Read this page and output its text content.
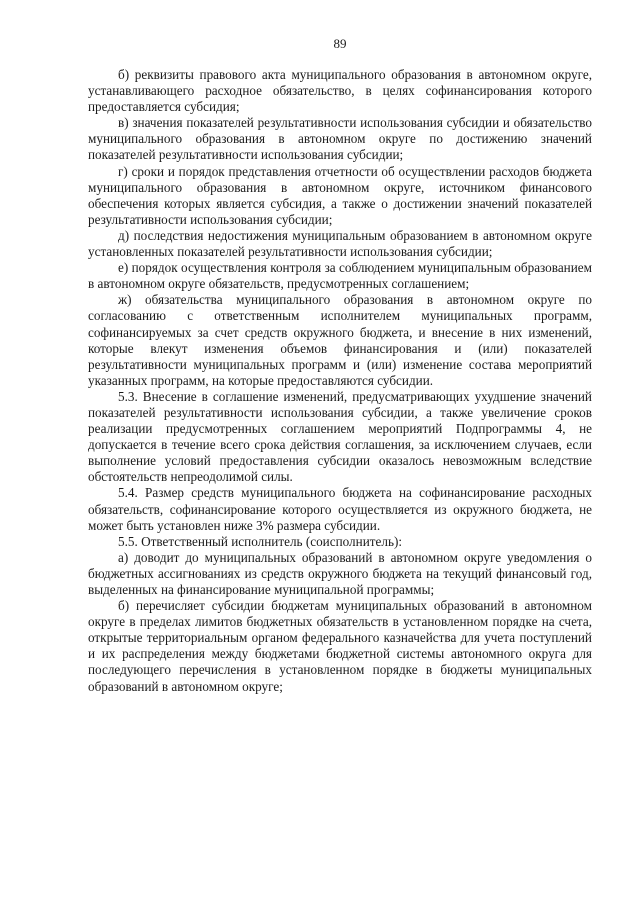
89

б) реквизиты правового акта муниципального образования в автономном округе, устанавливающего расходное обязательство, в целях софинансирования которого предоставляется субсидия;

в) значения показателей результативности использования субсидии и обязательство муниципального образования в автономном округе по достижению значений показателей результативности использования субсидии;

г) сроки и порядок представления отчетности об осуществлении расходов бюджета муниципального образования в автономном округе, источником финансового обеспечения которых является субсидия, а также о достижении значений показателей результативности использования субсидии;

д) последствия недостижения муниципальным образованием в автономном округе установленных показателей результативности использования субсидии;

е) порядок осуществления контроля за соблюдением муниципальным образованием в автономном округе обязательств, предусмотренных соглашением;

ж) обязательства муниципального образования в автономном округе по согласованию с ответственным исполнителем муниципальных программ, софинансируемых за счет средств окружного бюджета, и внесение в них изменений, которые влекут изменения объемов финансирования и (или) показателей результативности муниципальных программ и (или) изменение состава мероприятий указанных программ, на которые предоставляются субсидии.

5.3. Внесение в соглашение изменений, предусматривающих ухудшение значений показателей результативности использования субсидии, а также увеличение сроков реализации предусмотренных соглашением мероприятий Подпрограммы 4, не допускается в течение всего срока действия соглашения, за исключением случаев, если выполнение условий предоставления субсидии оказалось невозможным вследствие обстоятельств непреодолимой силы.

5.4. Размер средств муниципального бюджета на софинансирование расходных обязательств, софинансирование которого осуществляется из окружного бюджета, не может быть установлен ниже 3% размера субсидии.

5.5. Ответственный исполнитель (соисполнитель):

а) доводит до муниципальных образований в автономном округе уведомления о бюджетных ассигнованиях из средств окружного бюджета на текущий финансовый год, выделенных на финансирование муниципальной программы;

б) перечисляет субсидии бюджетам муниципальных образований в автономном округе в пределах лимитов бюджетных обязательств в установленном порядке на счета, открытые территориальным органом федерального казначейства для учета поступлений и их распределения между бюджетами бюджетной системы автономного округа для последующего перечисления в установленном порядке в бюджеты муниципальных образований в автономном округе;
